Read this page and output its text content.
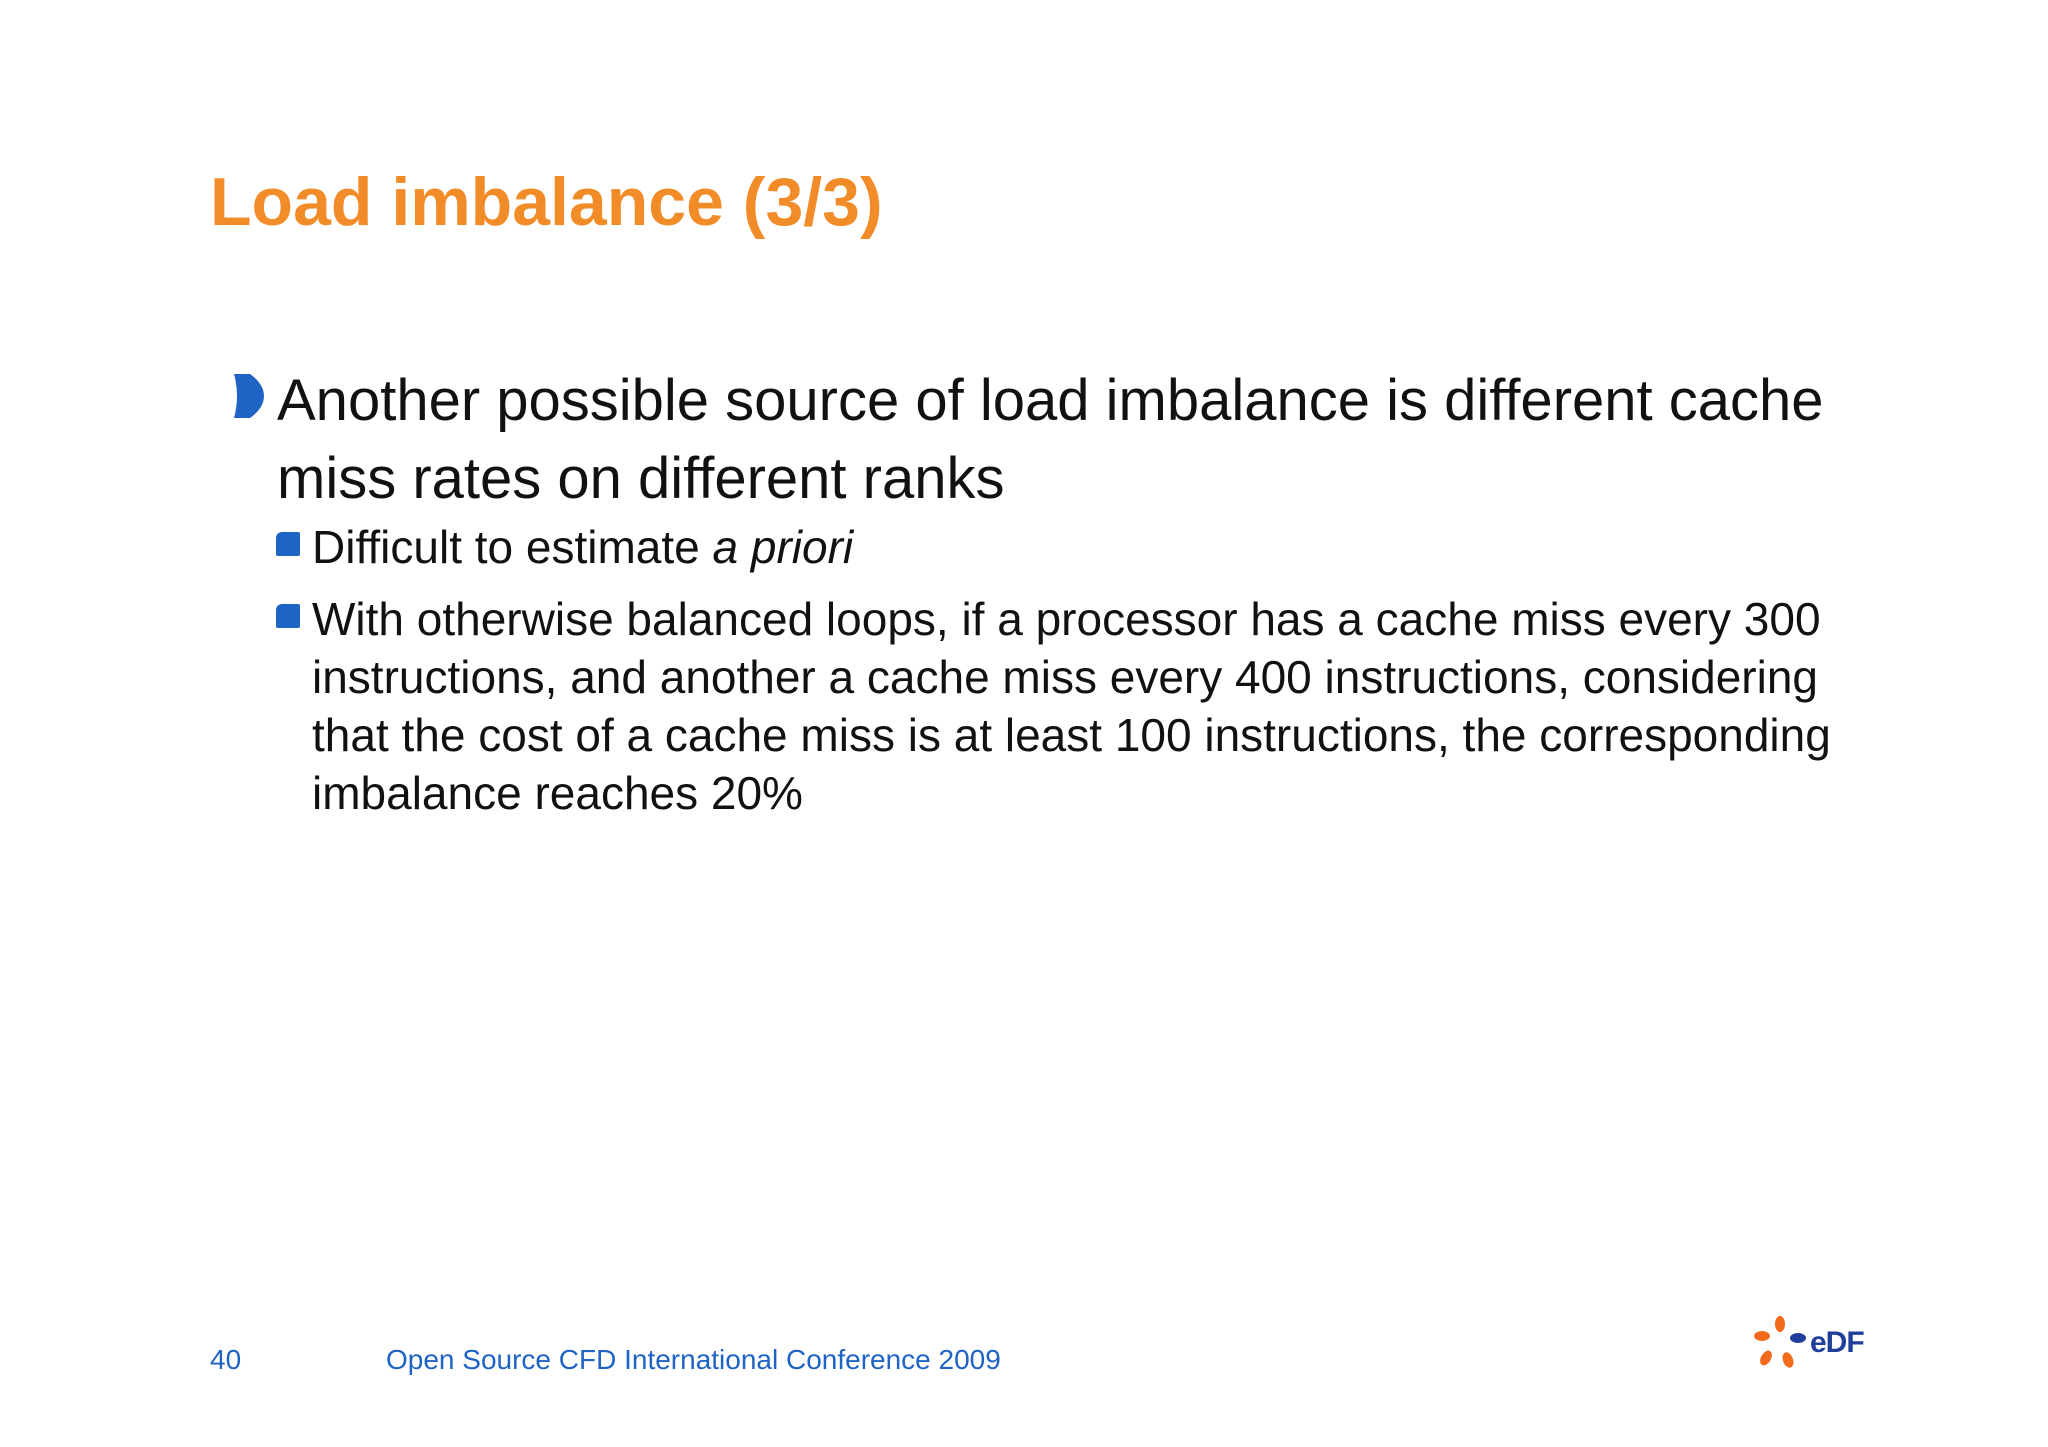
Load imbalance (3/3)
Another possible source of load imbalance is different cache miss rates on different ranks
Difficult to estimate a priori
With otherwise balanced loops, if a processor has a cache miss every 300 instructions, and another a cache miss every 400 instructions, considering that the cost of a cache miss is at least 100 instructions, the corresponding imbalance reaches 20%
40	Open Source CFD International Conference 2009
eDF
